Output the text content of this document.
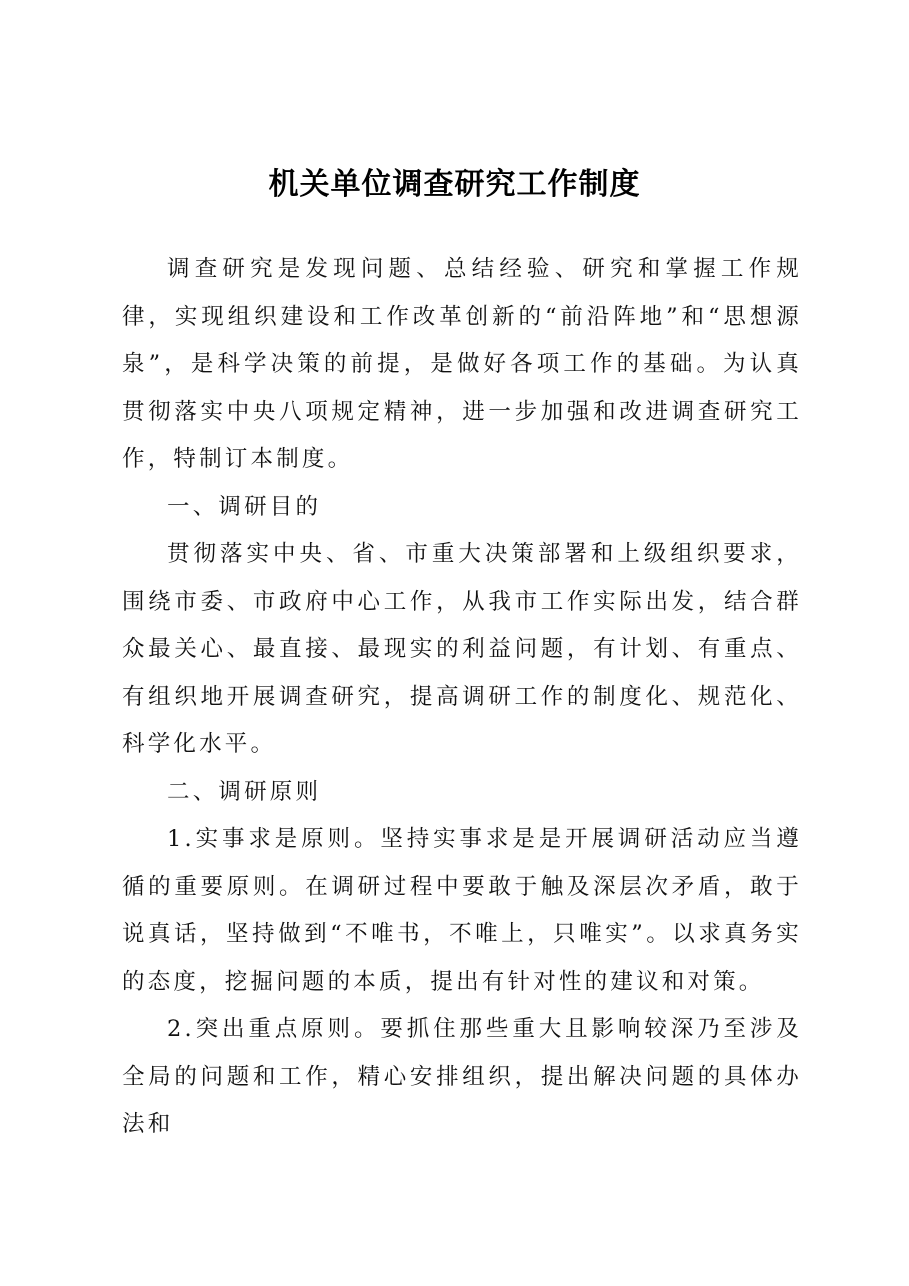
机关单位调查研究工作制度

调查研究是发现问题、总结经验、研究和掌握工作规律，实现组织建设和工作改革创新的“前沿阵地”和“思想源泉”，是科学决策的前提，是做好各项工作的基础。为认真贯彻落实中央八项规定精神，进一步加强和改进调查研究工作，特制订本制度。

一、调研目的

贯彻落实中央、省、市重大决策部署和上级组织要求，围绕市委、市政府中心工作，从我市工作实际出发，结合群众最关心、最直接、最现实的利益问题，有计划、有重点、有组织地开展调查研究，提高调研工作的制度化、规范化、科学化水平。

二、调研原则

1.实事求是原则。坚持实事求是是开展调研活动应当遵循的重要原则。在调研过程中要敢于触及深层次矛盾，敢于说真话，坚持做到“不唯书，不唯上，只唯实”。以求真务实的态度，挖掘问题的本质，提出有针对性的建议和对策。

2.突出重点原则。要抓住那些重大且影响较深乃至涉及全局的问题和工作，精心安排组织，提出解决问题的具体办法和
